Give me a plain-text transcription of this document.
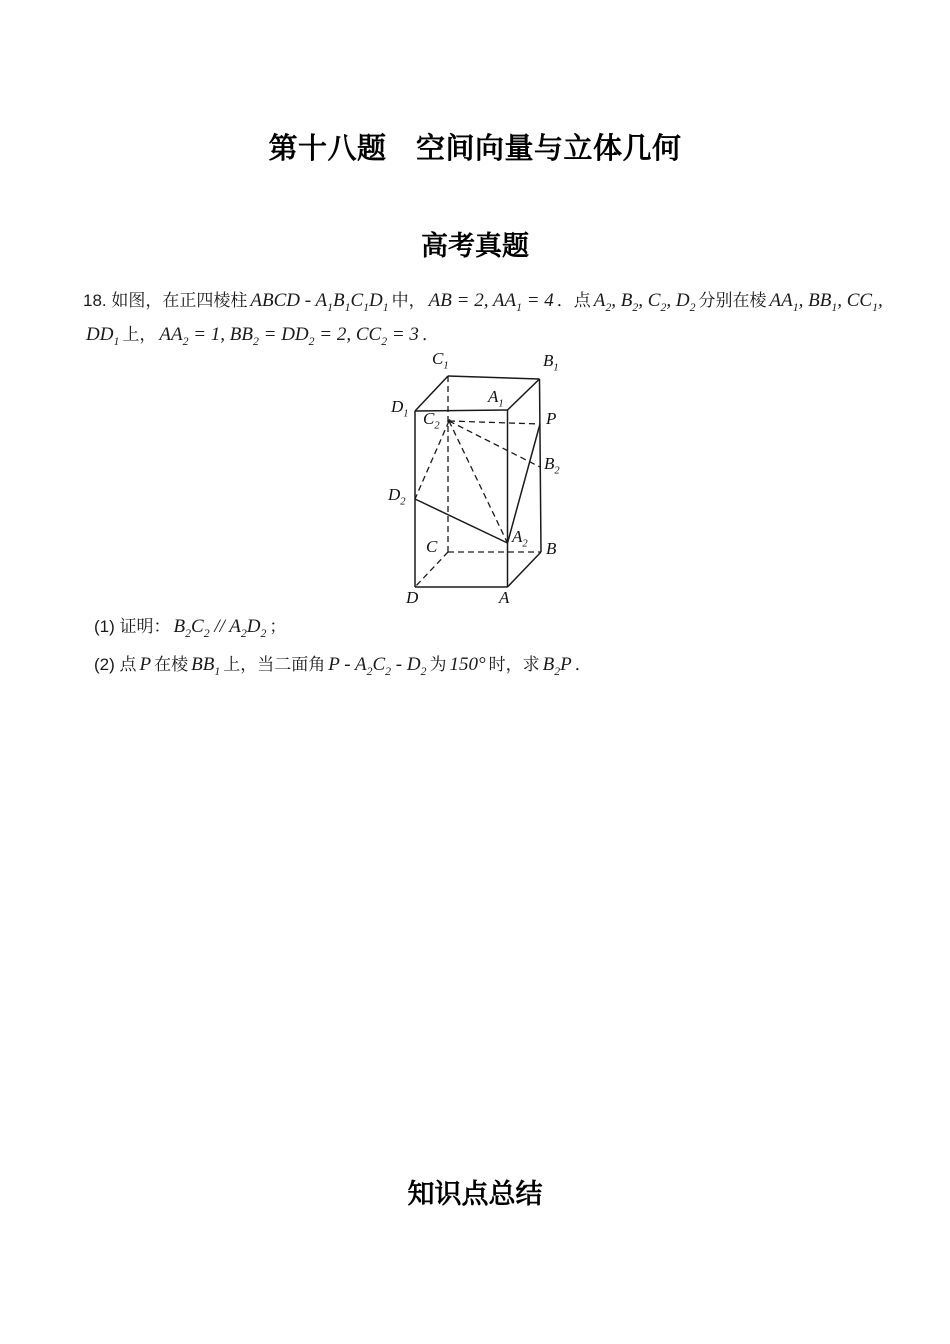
第十八题　空间向量与立体几何
高考真题

18. 如图，在正四棱柱 ABCD - $A_1B_1C_1D_1$ 中， AB = 2, $AA_1 = 4$ ．点 $A_2$, $B_2$, $C_2$, $D_2$ 分别在棱 $AA_1$, $BB_1$, $CC_1$,

$DD_1$ 上， $AA_2 = 1$, $BB_2 = DD_2 = 2$, $CC_2 = 3$ ．

$C_1$	$B_1$
$D_1$
$A_1$
$C_2$	P
$B_2$
$D_2$
$A_2$
C	B
D	A
(1) 证明： $B_2C_2 // A_2D_2$ ；
(2) 点 P 在棱 $BB_1$ 上，当二面角 P - $A_2C_2 - D_2$ 为 150° 时，求 $B_2P$ ．
知识点总结
